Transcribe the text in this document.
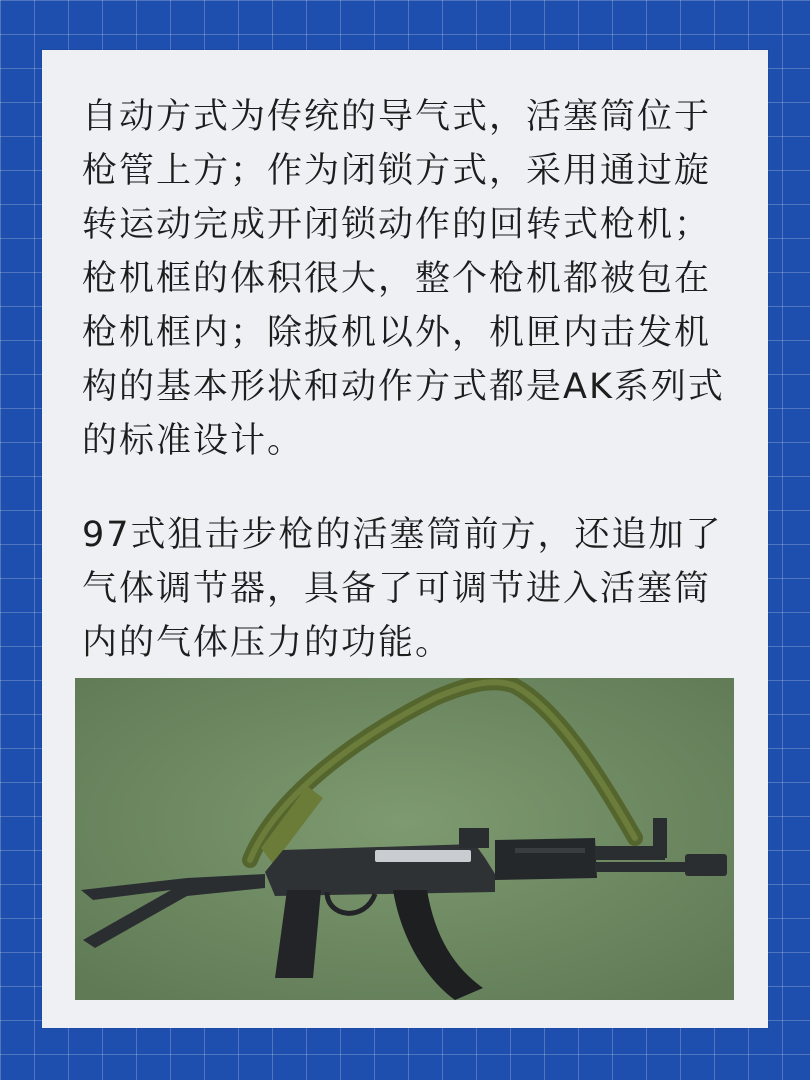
自动方式为传统的导气式，活塞筒位于枪管上方；作为闭锁方式，采用通过旋转运动完成开闭锁动作的回转式枪机；枪机框的体积很大，整个枪机都被包在枪机框内；除扳机以外，机匣内击发机构的基本形状和动作方式都是AK系列式的标准设计。

97式狙击步枪的活塞筒前方，还追加了气体调节器，具备了可调节进入活塞筒内的气体压力的功能。
